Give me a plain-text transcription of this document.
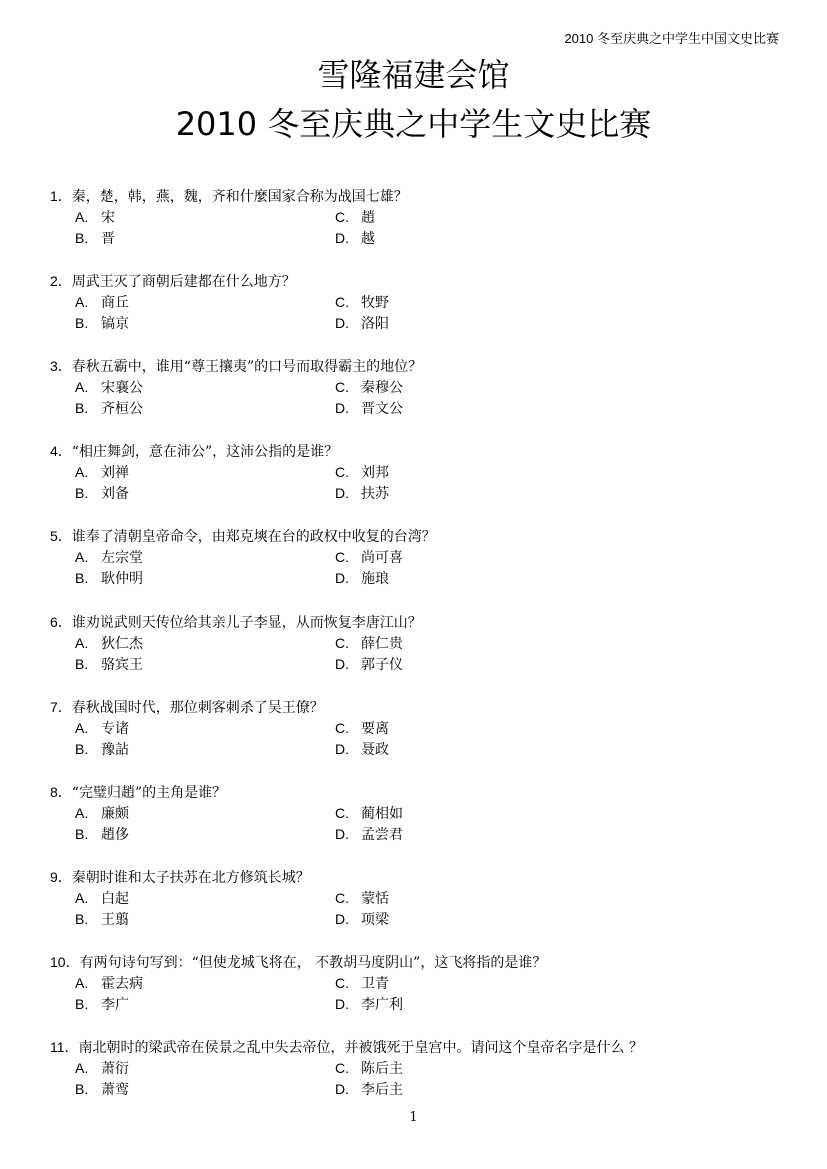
2010 冬至庆典之中学生中国文史比赛
雪隆福建会馆
2010 冬至庆典之中学生文史比赛
1．秦，楚，韩，燕，魏，齐和什麼国家合称为战国七雄？
A. 宋	C. 趙
B. 晋	D. 越
2．周武王灭了商朝后建都在什么地方？
A. 商丘	C. 牧野
B. 镐京	D. 洛阳
3．春秋五霸中，谁用“尊王攘夷”的口号而取得霸主的地位？
A. 宋襄公	C. 秦穆公
B. 齐桓公	D. 晋文公
4．“相庄舞剑，意在沛公”，这沛公指的是谁？
A. 刘禅	C. 刘邦
B. 刘备	D. 扶苏
5．谁奉了清朝皇帝命令，由郑克塽在台的政权中收复的台湾？
A. 左宗堂	C. 尚可喜
B. 耿仲明	D. 施琅
6．谁劝说武则天传位给其亲儿子李显，从而恢复李唐江山？
A. 狄仁杰	C. 薛仁贵
B. 骆宾王	D. 郭子仪
7．春秋战国时代，那位刺客刺杀了吴王僚？
A. 专诸	C. 要离
B. 豫詀	D. 聂政
8．“完璧归趙”的主角是谁？
A. 廉颇	C. 蔺相如
B. 趙侈	D. 孟尝君
9．秦朝时谁和太子扶苏在北方修筑长城？
A. 白起	C. 蒙恬
B. 王翦	D. 项梁
10．有两句诗句写到：“但使龙城飞将在， 不教胡马度阴山”，这飞将指的是谁？
A. 霍去病	C. 卫青
B. 李广	D. 李广利
11．南北朝时的梁武帝在侯景之乱中失去帝位，并被饿死于皇宫中。请问这个皇帝名字是什么 ？
A. 萧衍	C. 陈后主
B. 萧鸾	D. 李后主
1
